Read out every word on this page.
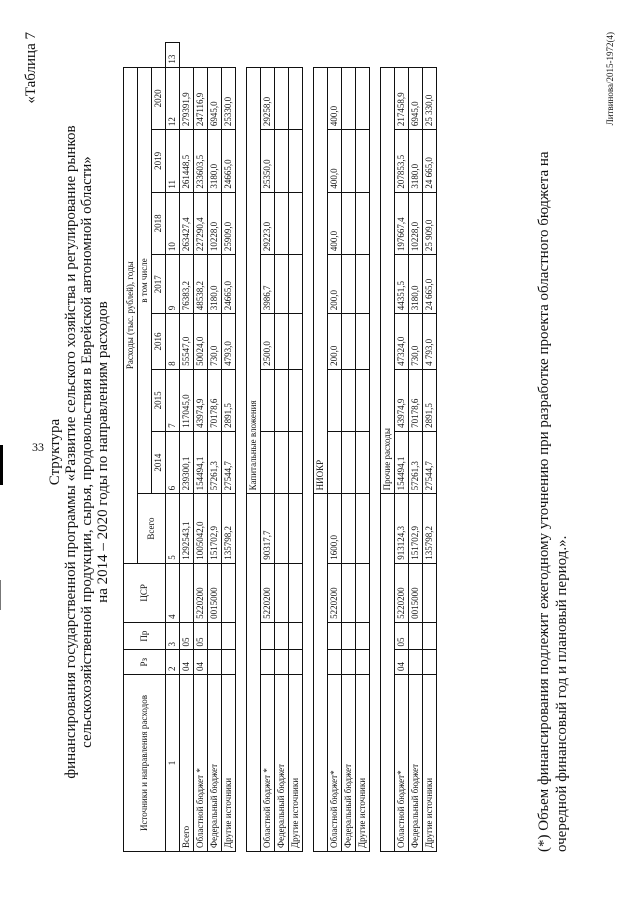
33
«Таблица 7
Структура финансирования государственной программы «Развитие сельского хозяйства и регулирование рынков сельскохозяйственной продукции, сырья, продовольствия в Еврейской автономной области» на 2014 – 2020 годы по направлениям расходов
Источники и направления расходов	Рз	Пр	ЦСР	Расходы (тыс. рублей), годы								
				Всего	в том числе							
					2014	2015	2016	2017	2018	2019	2020	
1	2	3	4	5	6	7	8	9	10	11	12	13
Всего	04	05		1292543,1	239300,1	117045,0	55547,0	76383,2	263427,4	261448,5	279391,9	
Областной бюджет *	04	05	5220200	1005042,0	154494,1	43974,9	50024,0	48538,2	227290,4	233603,5	247116,9	
Федеральный бюджет			0015000	151702,9	57261,3	70178,6	730,0	3180,0	10228,0	3180,0	6945,0	
Другие источники				135798,2	27544,7	2891,5	4793,0	24665,0	25909,0	24665,0	25330,0	

					Капитальные вложения							
Областной бюджет *			5220200	90317,7			2500,0	3986,7	29223,0	25350,0	29258,0	
Федеральный бюджет												
Другие источники												

					НИОКР							
Областной бюджет*			5220200	1600,0			200,0	200,0	400,0	400,0	400,0	
Федеральный бюджет												
Другие источники												

					Прочие расходы							
Областной бюджет*	04	05	5220200	913124,3	154494,1	43974,9	47324,0	44351,5	197667,4	207853,5	217458,9	
Федеральный бюджет			0015000	151702,9	57261,3	70178,6	730,0	3180,0	10228,0	3180,0	6945,0	
Другие источники				135798,2	27544,7	2891,5	4 793,0	24 665,0	25 909,0	24 665,0	25 330,0	
(*) Объем финансирования подлежит ежегодному уточнению при разработке проекта областного бюджета на очередной финансовый год и плановый период.».
Литвинова/2015-1972(4)
